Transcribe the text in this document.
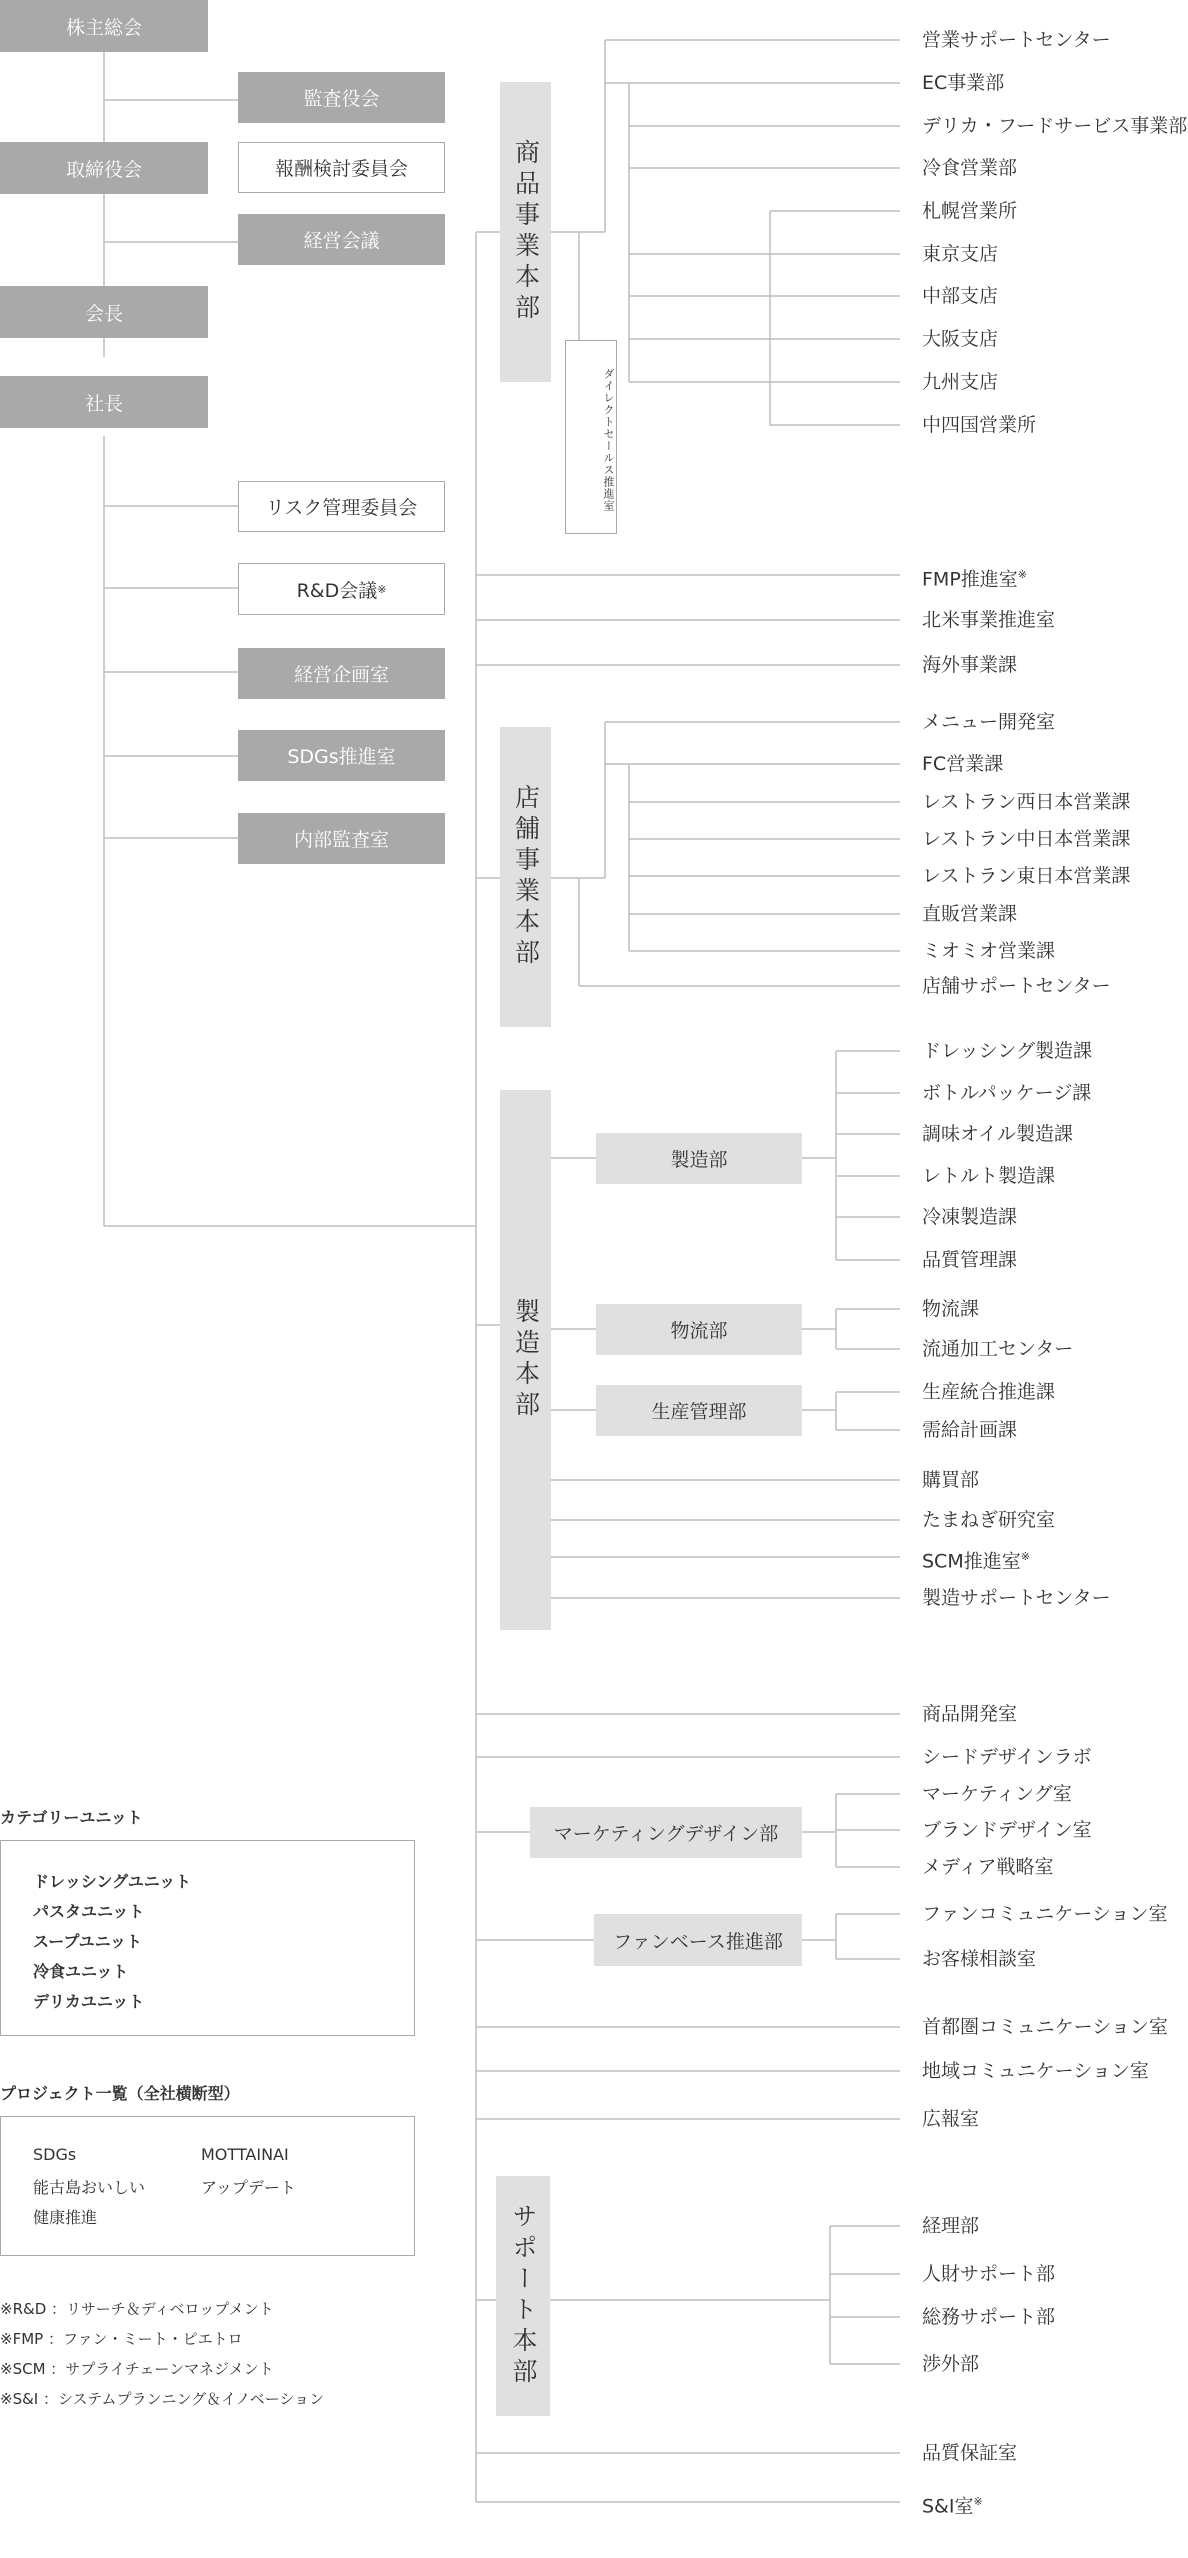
株主総会
監査役会
取締役会	報酬検討委員会
経営会議
会長
社長
リスク管理委員会
R&D会議 ※
経営企画室
SDGs推進室
内部監査室
商品事業本部
ダイレクトセールス推進室
営業サポートセンター
EC事業部
デリカ・フードサービス事業部
冷食営業部
札幌営業所
東京支店
中部支店
大阪支店
九州支店
中四国営業所
FMP推進室※
北米事業推進室
海外事業課
店舗事業本部
メニュー開発室
FC営業課
レストラン西日本営業課
レストラン中日本営業課
レストラン東日本営業課
直販営業課
ミオミオ営業課
店舗サポートセンター
製造本部
製造部
物流部
生産管理部
ドレッシング製造課
ボトルパッケージ課
調味オイル製造課
レトルト製造課
冷凍製造課
品質管理課
物流課
流通加工センター
生産統合推進課
需給計画課
購買部
たまねぎ研究室
SCM推進室※
製造サポートセンター
商品開発室
マーケティングデザイン部
シードデザインラボ
マーケティング室
ブランドデザイン室
メディア戦略室
ファンベース推進部
ファンコミュニケーション室
お客様相談室
首都圏コミュニケーション室
地域コミュニケーション室
広報室
サポート本部	経理部
人財サポート部
総務サポート部
渉外部
品質保証室
S&I室※
カテゴリーユニット
ドレッシングユニット
パスタユニット
スープユニット
冷食ユニット
デリカユニット
プロジェクト一覧（全社横断型）
SDGs
能古島おいしい
健康推進
MOTTAINAI
アップデート
※R&D ：リサーチ＆ディベロップメント
※FMP ：ファン・ミート・ピエトロ
※SCM ：サプライチェーンマネジメント
※S&I ：システムプランニング＆イノベーション
